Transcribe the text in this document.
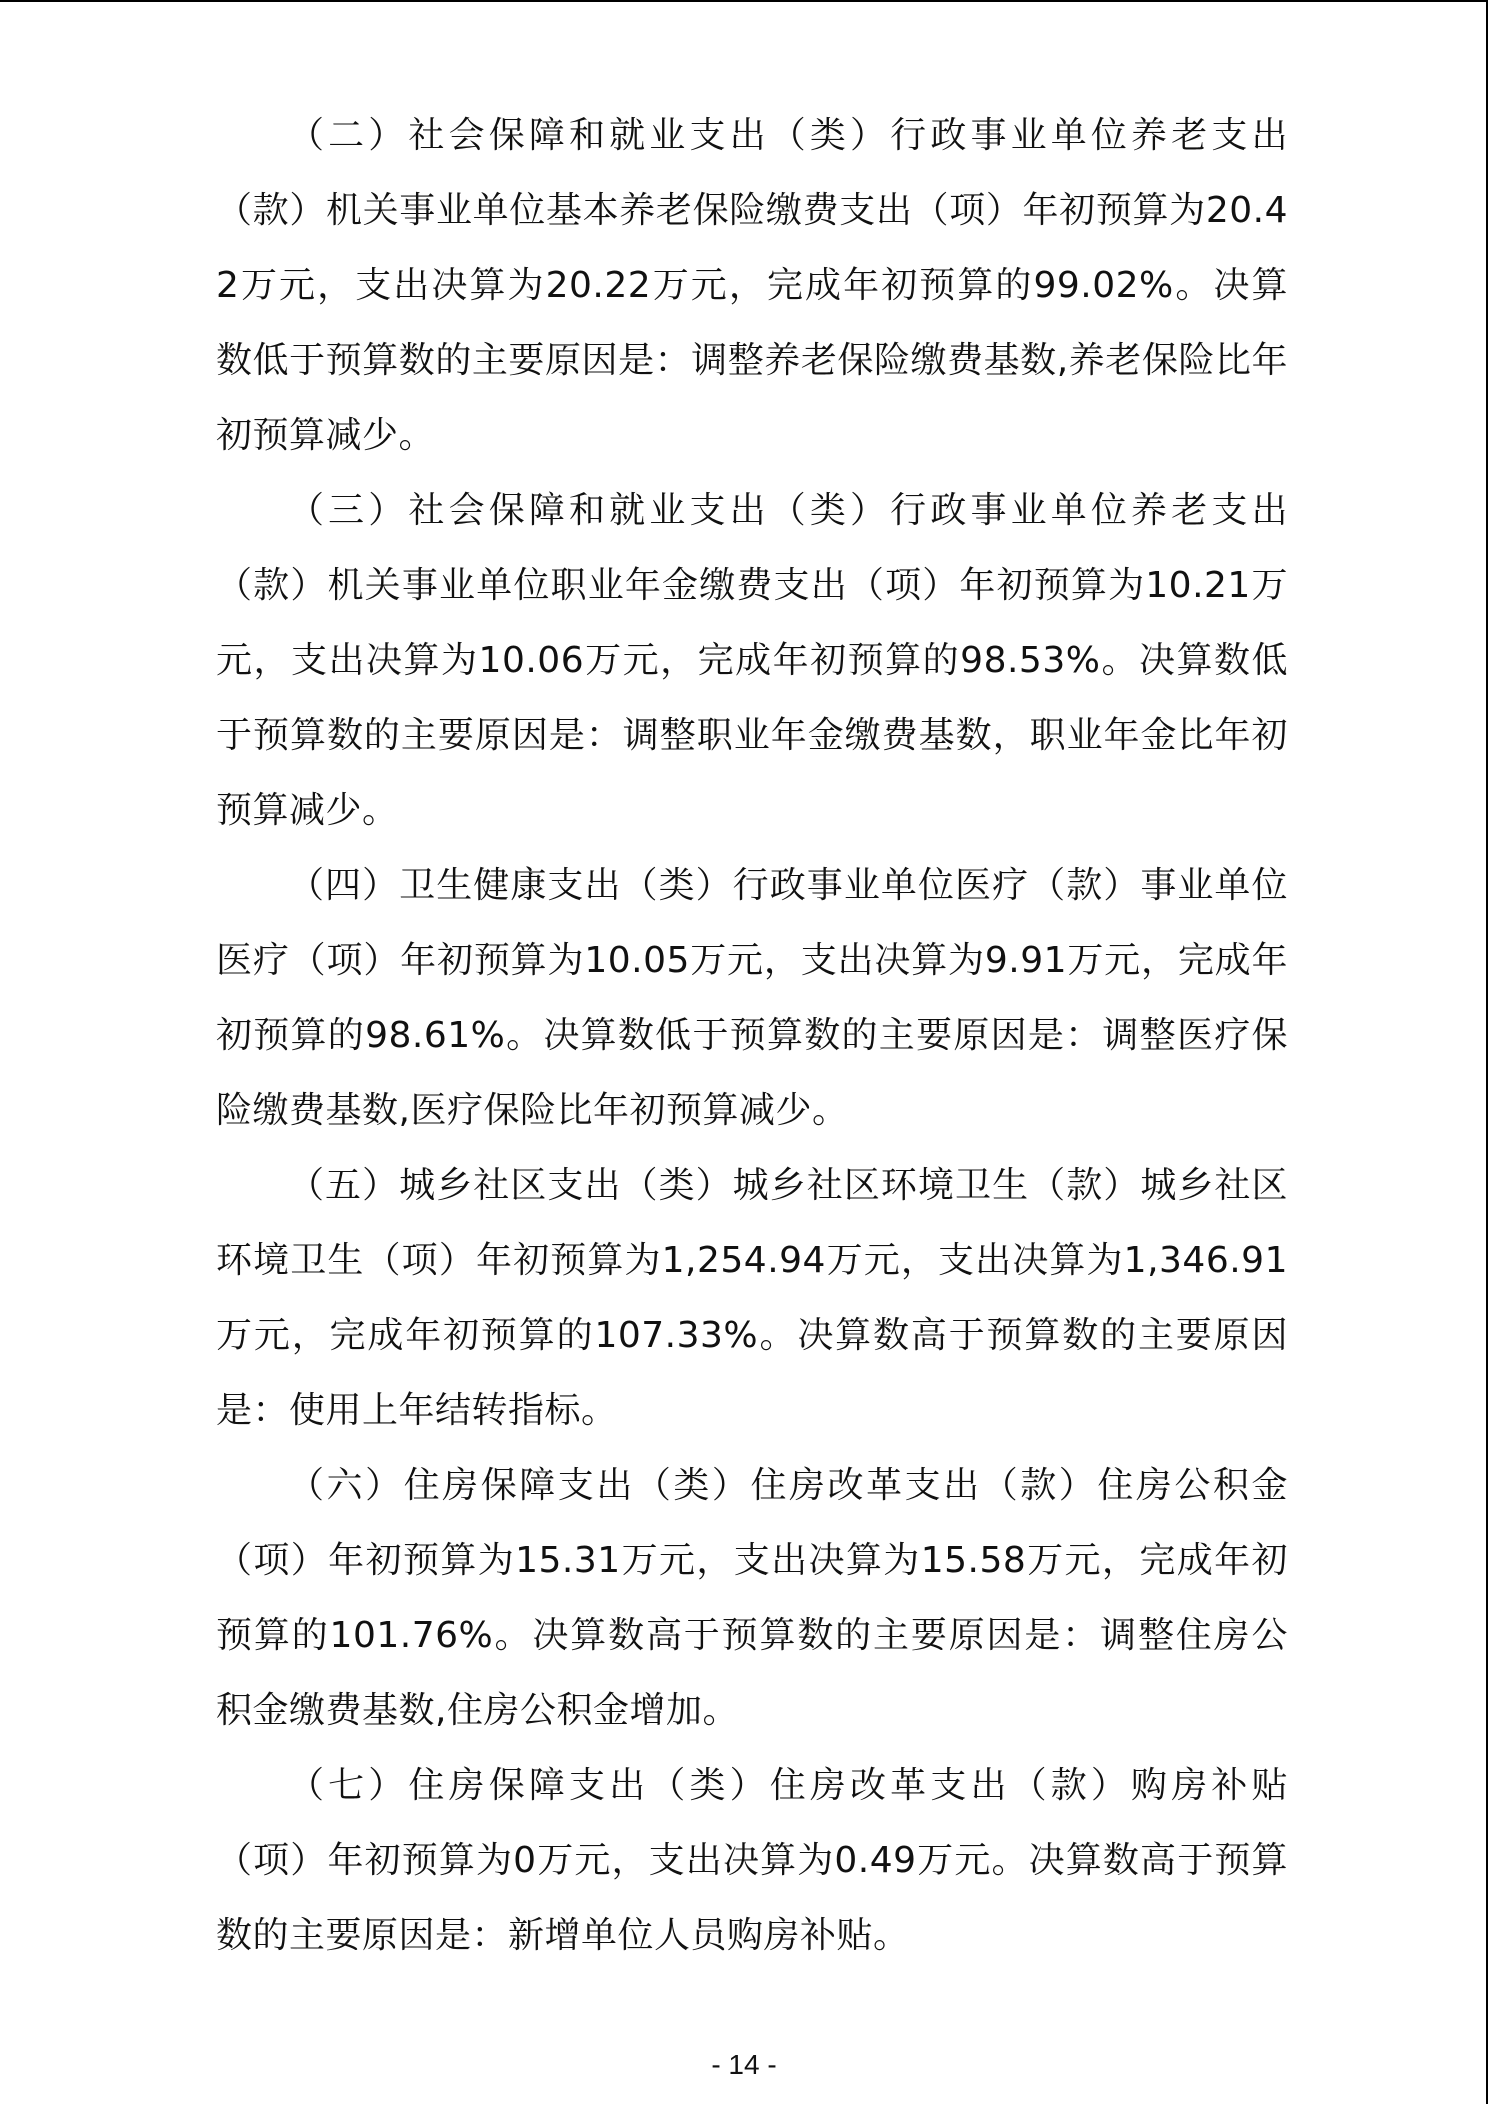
（二）社会保障和就业支出（类）行政事业单位养老支出（款）机关事业单位基本养老保险缴费支出（项）年初预算为20.42万元，支出决算为20.22万元，完成年初预算的99.02%。决算数低于预算数的主要原因是：调整养老保险缴费基数,养老保险比年初预算减少。

（三）社会保障和就业支出（类）行政事业单位养老支出（款）机关事业单位职业年金缴费支出（项）年初预算为10.21万元，支出决算为10.06万元，完成年初预算的98.53%。决算数低于预算数的主要原因是：调整职业年金缴费基数，职业年金比年初预算减少。

（四）卫生健康支出（类）行政事业单位医疗（款）事业单位医疗（项）年初预算为10.05万元，支出决算为9.91万元，完成年初预算的98.61%。决算数低于预算数的主要原因是：调整医疗保险缴费基数,医疗保险比年初预算减少。

（五）城乡社区支出（类）城乡社区环境卫生（款）城乡社区环境卫生（项）年初预算为1,254.94万元，支出决算为1,346.91万元，完成年初预算的107.33%。决算数高于预算数的主要原因是：使用上年结转指标。

（六）住房保障支出（类）住房改革支出（款）住房公积金（项）年初预算为15.31万元，支出决算为15.58万元，完成年初预算的101.76%。决算数高于预算数的主要原因是：调整住房公积金缴费基数,住房公积金增加。

（七）住房保障支出（类）住房改革支出（款）购房补贴（项）年初预算为0万元，支出决算为0.49万元。决算数高于预算数的主要原因是：新增单位人员购房补贴。

- 14 -
